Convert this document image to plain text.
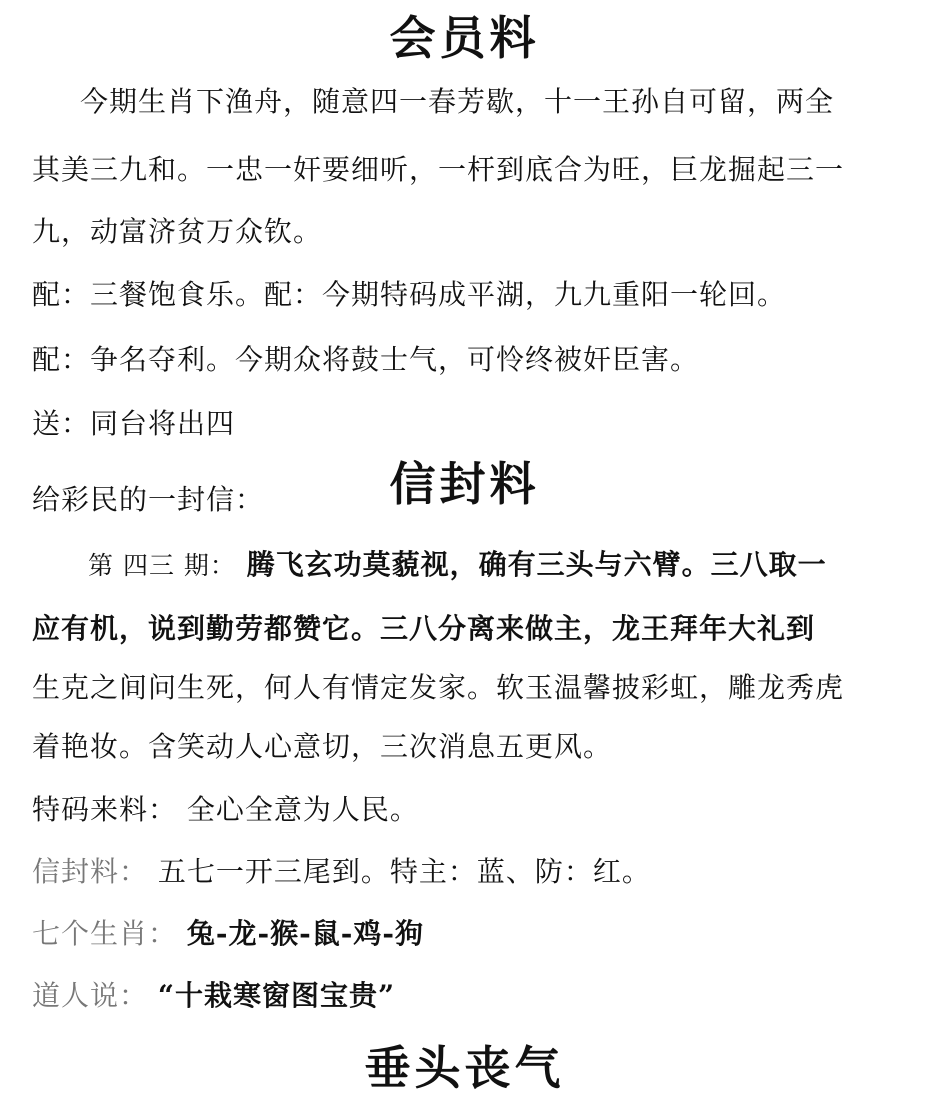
会员料
今期生肖下渔舟，随意四一春芳歇，十一王孙自可留，两全
其美三九和。一忠一奸要细听，一杆到底合为旺，巨龙掘起三一
九，动富济贫万众钦。
配：三餐饱食乐。配：今期特码成平湖，九九重阳一轮回。
配：争名夺利。今期众将鼓士气，可怜终被奸臣害。
送：同台将出四
给彩民的一封信：	信封料
第 四三 期： 腾飞玄功莫藐视，确有三头与六臂。三八取一
应有机，说到勤劳都赞它。三八分离来做主，龙王拜年大礼到
生克之间问生死，何人有情定发家。软玉温馨披彩虹，雕龙秀虎
着艳妆。含笑动人心意切，三次消息五更风。
特码来料： 全心全意为人民。
信封料： 五七一开三尾到。特主：蓝、防：红。
七个生肖： 兔-龙-猴-鼠-鸡-狗
道人说： “十栽寒窗图宝贵”
垂头丧气
